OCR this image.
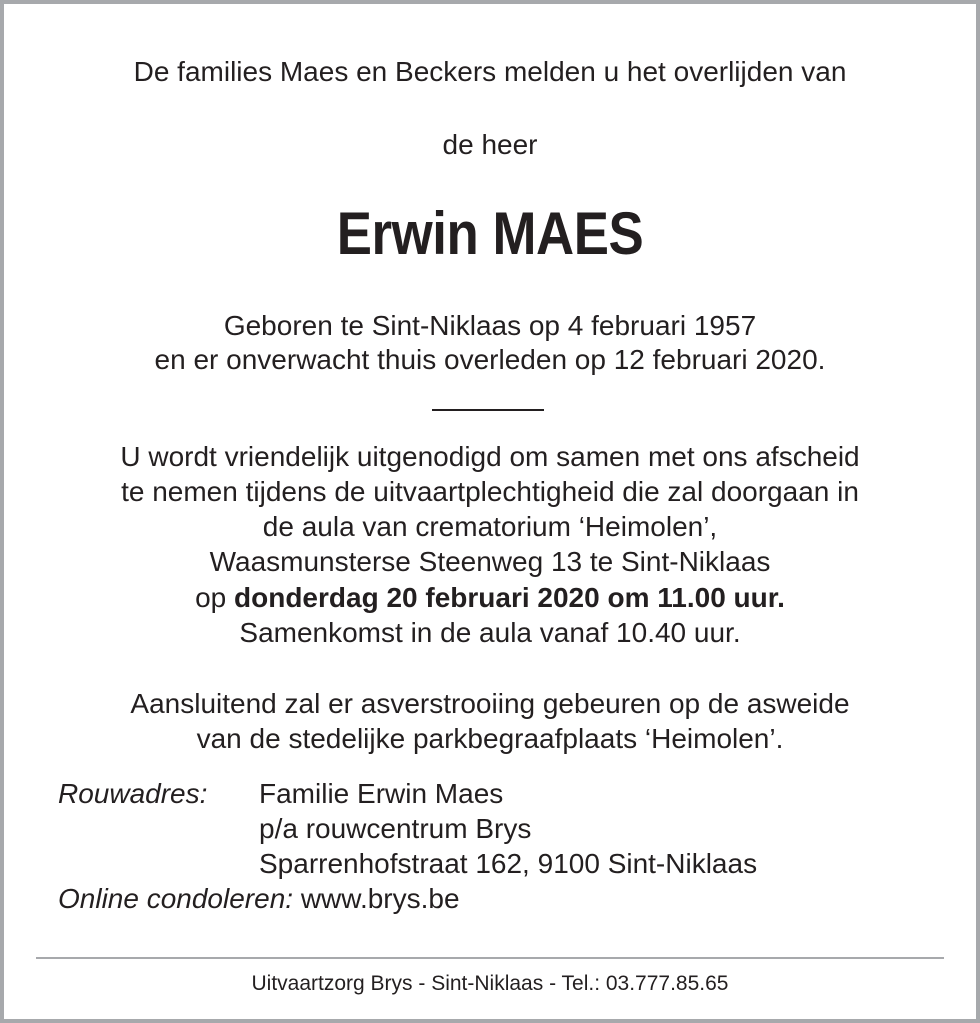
De families Maes en Beckers melden u het overlijden van
de heer
Erwin MAES
Geboren te Sint-Niklaas op 4 februari 1957
en er onverwacht thuis overleden op 12 februari 2020.
U wordt vriendelijk uitgenodigd om samen met ons afscheid
te nemen tijdens de uitvaartplechtigheid die zal doorgaan in
de aula van crematorium ‘Heimolen’,
Waasmunsterse Steenweg 13 te Sint-Niklaas
op donderdag 20 februari 2020 om 11.00 uur.
Samenkomst in de aula vanaf 10.40 uur.
Aansluitend zal er asverstrooiing gebeuren op de asweide
van de stedelijke parkbegraafplaats ‘Heimolen’.
Rouwadres: Familie Erwin Maes
p/a rouwcentrum Brys
Sparrenhofstraat 162, 9100 Sint-Niklaas
Online condoleren: www.brys.be
Uitvaartzorg Brys - Sint-Niklaas - Tel.: 03.777.85.65
